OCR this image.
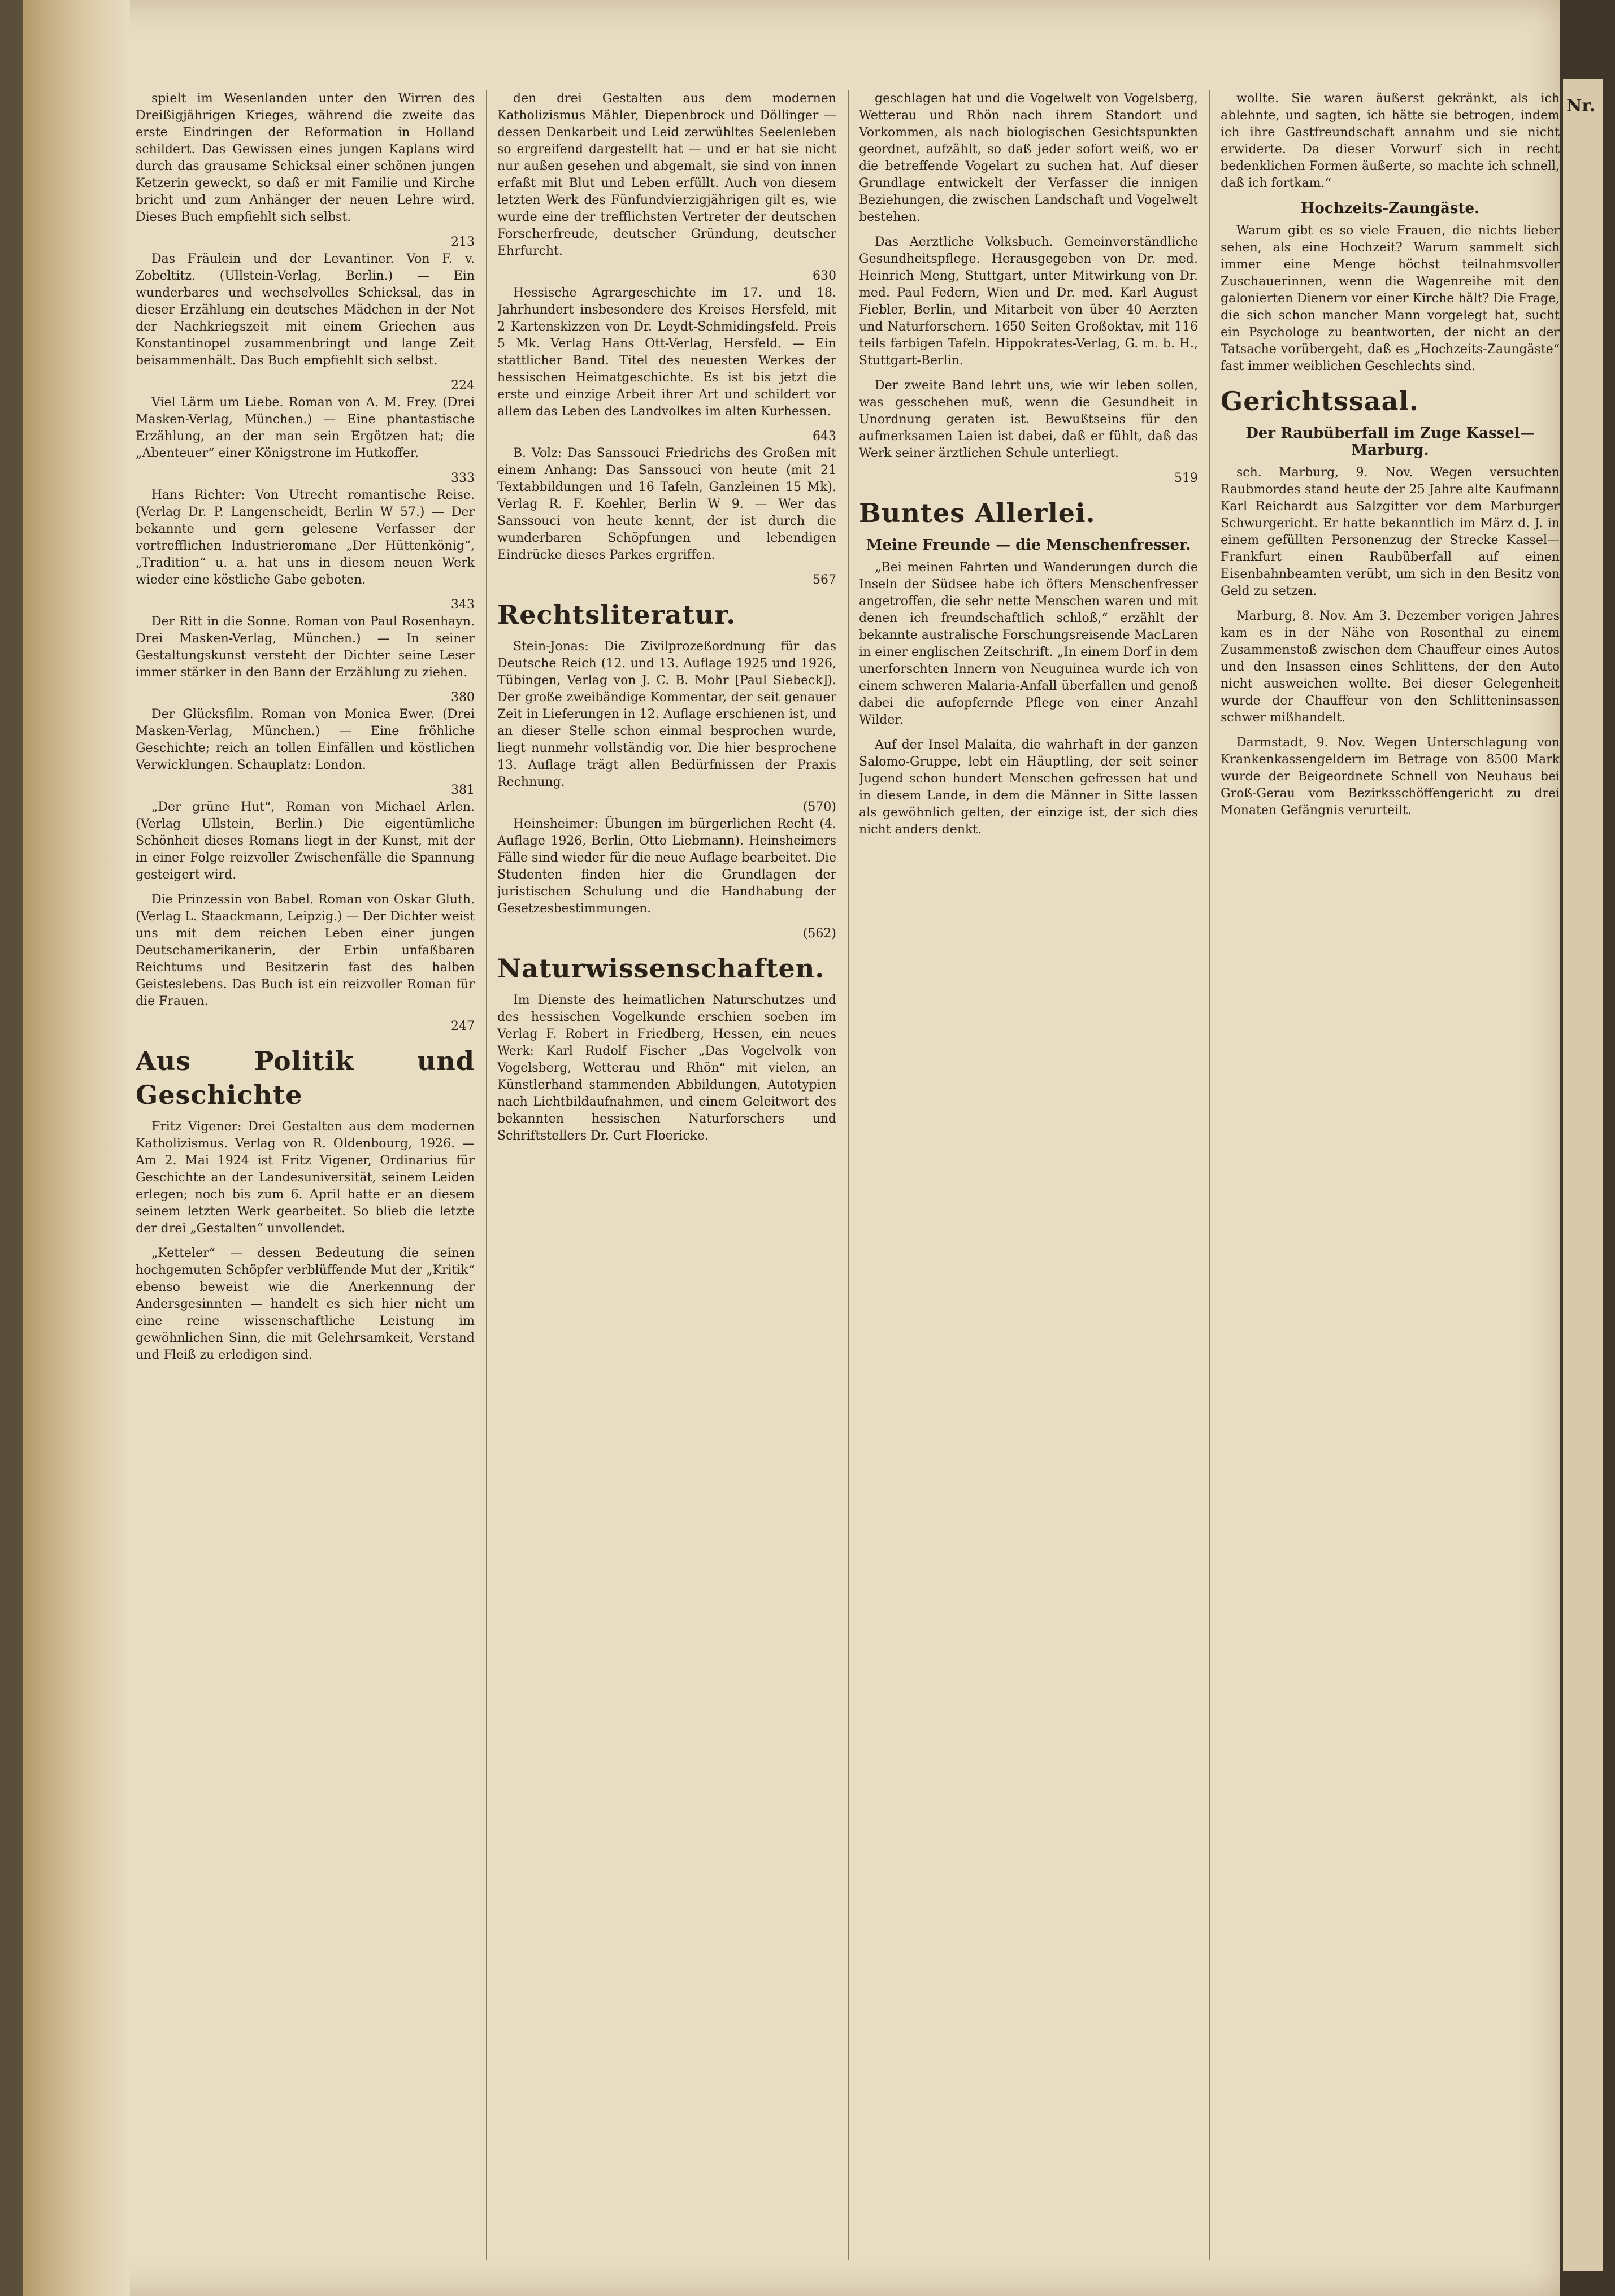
spielt im Wesenlanden unter den Wirren des Dreißigjährigen Krieges, während die zweite das erste Eindringen der Reformation in Holland schildert. Das Gewissen eines jungen Kaplans wird durch das grausame Schicksal einer schönen jungen Ketzerin geweckt, so daß er mit Familie und Kirche bricht und zum Anhänger der neuen Lehre wird. Dieses Buch empfiehlt sich selbst.

213

Das Fräulein und der Levantiner. Von F. v. Zobeltitz. (Ullstein-Verlag, Berlin.) — Ein wunderbares und wechselvolles Schicksal, das in dieser Erzählung ein deutsches Mädchen in der Not der Nachkriegszeit mit einem Griechen aus Konstantinopel zusammenbringt und lange Zeit beisammenhält. Das Buch empfiehlt sich selbst.

224

Viel Lärm um Liebe. Roman von A. M. Frey. (Drei Masken-Verlag, München.) — Eine phantastische Erzählung, an der man sein Ergötzen hat; die „Abenteuer“ einer Königstrone im Hutkoffer.

333

Hans Richter: Von Utrecht romantische Reise. (Verlag Dr. P. Langenscheidt, Berlin W 57.) — Der bekannte und gern gelesene Verfasser der vortrefflichen Industrieromane „Der Hüttenkönig“, „Tradition“ u. a. hat uns in diesem neuen Werk wieder eine köstliche Gabe geboten.

343

Der Ritt in die Sonne. Roman von Paul Rosenhayn. Drei Masken-Verlag, München.) — In seiner Gestaltungskunst versteht der Dichter seine Leser immer stärker in den Bann der Erzählung zu ziehen.

380

Der Glücksfilm. Roman von Monica Ewer. (Drei Masken-Verlag, München.) — Eine fröhliche Geschichte; reich an tollen Einfällen und köstlichen Verwicklungen. Schauplatz: London.

381

„Der grüne Hut“, Roman von Michael Arlen. (Verlag Ullstein, Berlin.) Die eigentümliche Schönheit dieses Romans liegt in der Kunst, mit der in einer Folge reizvoller Zwischenfälle die Spannung gesteigert wird.

Die Prinzessin von Babel. Roman von Oskar Gluth. (Verlag L. Staackmann, Leipzig.) — Der Dichter weist uns mit dem reichen Leben einer jungen Deutschamerikanerin, der Erbin unfaßbaren Reichtums und Besitzerin fast des halben Geisteslebens. Das Buch ist ein reizvoller Roman für die Frauen.

247
Aus Politik und Geschichte

Fritz Vigener: Drei Gestalten aus dem modernen Katholizismus. Verlag von R. Oldenbourg, 1926. — Am 2. Mai 1924 ist Fritz Vigener, Ordinarius für Geschichte an der Landesuniversität, seinem Leiden erlegen; noch bis zum 6. April hatte er an diesem seinem letzten Werk gearbeitet. So blieb die letzte der drei „Gestalten“ unvollendet.

„Ketteler“ — dessen Bedeutung die seinen hochgemuten Schöpfer verblüffende Mut der „Kritik“ ebenso beweist wie die Anerkennung der Andersgesinnten — handelt es sich hier nicht um eine reine wissenschaftliche Leistung im gewöhnlichen Sinn, die mit Gelehrsamkeit, Verstand und Fleiß zu erledigen sind.

den drei Gestalten aus dem modernen Katholizismus Mähler, Diepenbrock und Döllinger — dessen Denkarbeit und Leid zerwühltes Seelenleben so ergreifend dargestellt hat — und er hat sie nicht nur außen gesehen und abgemalt, sie sind von innen erfaßt mit Blut und Leben erfüllt. Auch von diesem letzten Werk des Fünfundvierzigjährigen gilt es, wie wurde eine der trefflichsten Vertreter der deutschen Forscherfreude, deutscher Gründung, deutscher Ehrfurcht.

630

Hessische Agrargeschichte im 17. und 18. Jahrhundert insbesondere des Kreises Hersfeld, mit 2 Kartenskizzen von Dr. Leydt-Schmidingsfeld. Preis 5 Mk. Verlag Hans Ott-Verlag, Hersfeld. — Ein stattlicher Band. Titel des neuesten Werkes der hessischen Heimatgeschichte. Es ist bis jetzt die erste und einzige Arbeit ihrer Art und schildert vor allem das Leben des Landvolkes im alten Kurhessen.

643

B. Volz: Das Sanssouci Friedrichs des Großen mit einem Anhang: Das Sanssouci von heute (mit 21 Textabbildungen und 16 Tafeln, Ganzleinen 15 Mk). Verlag R. F. Koehler, Berlin W 9. — Wer das Sanssouci von heute kennt, der ist durch die wunderbaren Schöpfungen und lebendigen Eindrücke dieses Parkes ergriffen.

567
Rechtsliteratur.

Stein-Jonas: Die Zivilprozeßordnung für das Deutsche Reich (12. und 13. Auflage 1925 und 1926, Tübingen, Verlag von J. C. B. Mohr [Paul Siebeck]). Der große zweibändige Kommentar, der seit genauer Zeit in Lieferungen in 12. Auflage erschienen ist, und an dieser Stelle schon einmal besprochen wurde, liegt nunmehr vollständig vor. Die hier besprochene 13. Auflage trägt allen Bedürfnissen der Praxis Rechnung.

(570)

Heinsheimer: Übungen im bürgerlichen Recht (4. Auflage 1926, Berlin, Otto Liebmann). Heinsheimers Fälle sind wieder für die neue Auflage bearbeitet. Die Studenten finden hier die Grundlagen der juristischen Schulung und die Handhabung der Gesetzesbestimmungen.

(562)
Naturwissenschaften.

Im Dienste des heimatlichen Naturschutzes und des hessischen Vogelkunde erschien soeben im Verlag F. Robert in Friedberg, Hessen, ein neues Werk: Karl Rudolf Fischer „Das Vogelvolk von Vogelsberg, Wetterau und Rhön“ mit vielen, an Künstlerhand stammenden Abbildungen, Autotypien nach Lichtbildaufnahmen, und einem Geleitwort des bekannten hessischen Naturforschers und Schriftstellers Dr. Curt Floericke.

geschlagen hat und die Vogelwelt von Vogelsberg, Wetterau und Rhön nach ihrem Standort und Vorkommen, als nach biologischen Gesichtspunkten geordnet, aufzählt, so daß jeder sofort weiß, wo er die betreffende Vogelart zu suchen hat. Auf dieser Grundlage entwickelt der Verfasser die innigen Beziehungen, die zwischen Landschaft und Vogelwelt bestehen.

Das Aerztliche Volksbuch. Gemeinverständliche Gesundheitspflege. Herausgegeben von Dr. med. Heinrich Meng, Stuttgart, unter Mitwirkung von Dr. med. Paul Federn, Wien und Dr. med. Karl August Fiebler, Berlin, und Mitarbeit von über 40 Aerzten und Naturforschern. 1650 Seiten Großoktav, mit 116 teils farbigen Tafeln. Hippokrates-Verlag, G. m. b. H., Stuttgart-Berlin.

Der zweite Band lehrt uns, wie wir leben sollen, was gesschehen muß, wenn die Gesundheit in Unordnung geraten ist. Bewußtseins für den aufmerksamen Laien ist dabei, daß er fühlt, daß das Werk seiner ärztlichen Schule unterliegt.

519
Buntes Allerlei.
Meine Freunde — die Menschenfresser.

„Bei meinen Fahrten und Wanderungen durch die Inseln der Südsee habe ich öfters Menschenfresser angetroffen, die sehr nette Menschen waren und mit denen ich freundschaftlich schloß,“ erzählt der bekannte australische Forschungsreisende MacLaren in einer englischen Zeitschrift. „In einem Dorf in dem unerforschten Innern von Neuguinea wurde ich von einem schweren Malaria-Anfall überfallen und genoß dabei die aufopfernde Pflege von einer Anzahl Wilder.

Auf der Insel Malaita, die wahrhaft in der ganzen Salomo-Gruppe, lebt ein Häuptling, der seit seiner Jugend schon hundert Menschen gefressen hat und in diesem Lande, in dem die Männer in Sitte lassen als gewöhnlich gelten, der einzige ist, der sich dies nicht anders denkt.

wollte. Sie waren äußerst gekränkt, als ich ablehnte, und sagten, ich hätte sie betrogen, indem ich ihre Gastfreundschaft annahm und sie nicht erwiderte. Da dieser Vorwurf sich in recht bedenklichen Formen äußerte, so machte ich schnell, daß ich fortkam.“

Hochzeits-Zaungäste.

Warum gibt es so viele Frauen, die nichts lieber sehen, als eine Hochzeit? Warum sammelt sich immer eine Menge höchst teilnahmsvoller Zuschauerinnen, wenn die Wagenreihe mit den galonierten Dienern vor einer Kirche hält? Die Frage, die sich schon mancher Mann vorgelegt hat, sucht ein Psychologe zu beantworten, der nicht an der Tatsache vorübergeht, daß es „Hochzeits-Zaungäste“ fast immer weiblichen Geschlechts sind.

Gerichtssaal.
Der Raubüberfall im Zuge Kassel—Marburg.

sch. Marburg, 9. Nov. Wegen versuchten Raubmordes stand heute der 25 Jahre alte Kaufmann Karl Reichardt aus Salzgitter vor dem Marburger Schwurgericht. Er hatte bekanntlich im März d. J. in einem gefüllten Personenzug der Strecke Kassel—Frankfurt einen Raubüberfall auf einen Eisenbahnbeamten verübt, um sich in den Besitz von Geld zu setzen.

Marburg, 8. Nov. Am 3. Dezember vorigen Jahres kam es in der Nähe von Rosenthal zu einem Zusammenstoß zwischen dem Chauffeur eines Autos und den Insassen eines Schlittens, der den Auto nicht ausweichen wollte. Bei dieser Gelegenheit wurde der Chauffeur von den Schlitteninsassen schwer mißhandelt.

Darmstadt, 9. Nov. Wegen Unterschlagung von Krankenkassengeldern im Betrage von 8500 Mark wurde der Beigeordnete Schnell von Neuhaus bei Groß-Gerau vom Bezirksschöffengericht zu drei Monaten Gefängnis verurteilt.

Nr.
